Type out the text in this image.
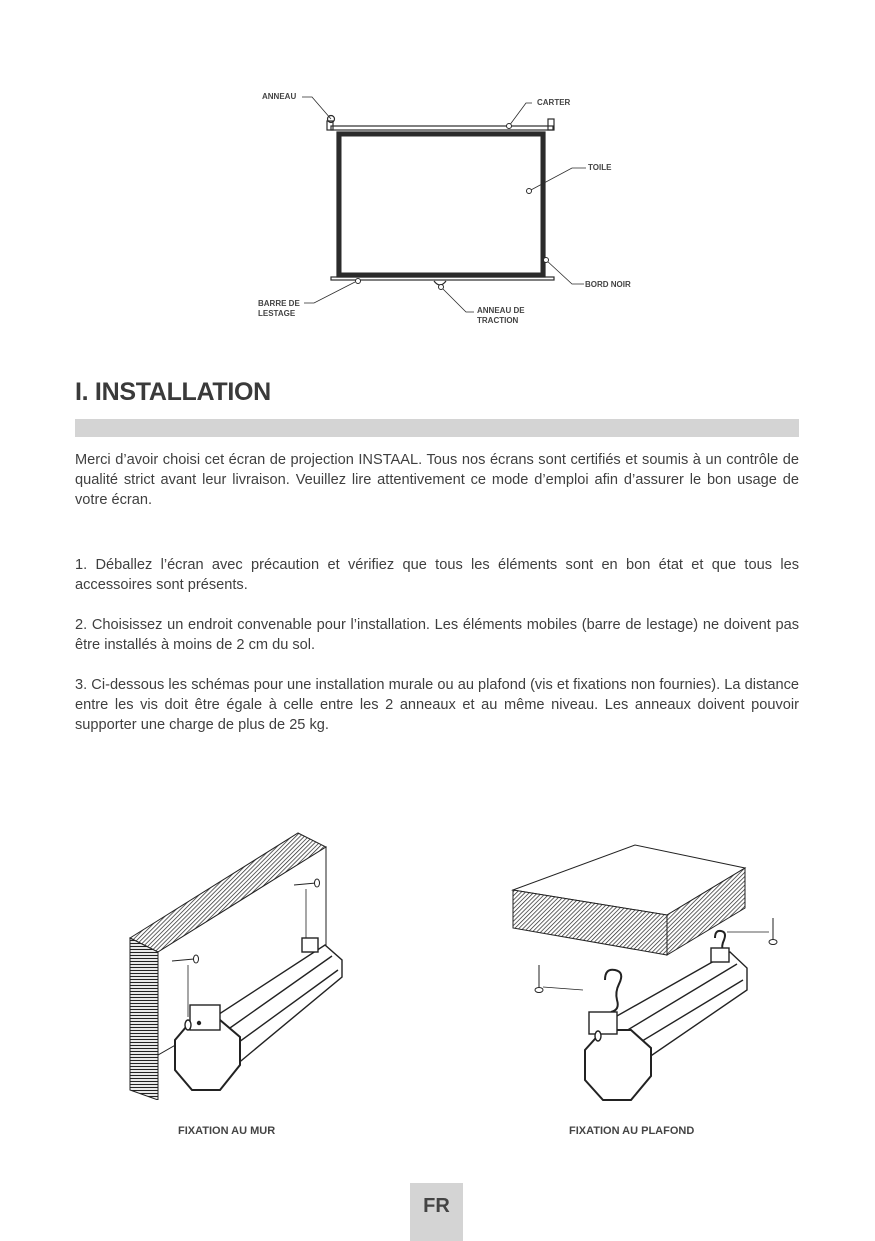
ANNEAU
CARTER
TOILE
BORD NOIR
BARRE DE
LESTAGE	ANNEAU DE
TRACTION
I. INSTALLATION

Merci d’avoir choisi cet écran de projection INSTAAL. Tous nos écrans sont certifiés et soumis à un contrôle de qualité strict avant leur livraison. Veuillez lire attentivement ce mode d’emploi afin d’assurer le bon usage de votre écran.

1. Déballez l’écran avec précaution et vérifiez que tous les éléments sont en bon état et que tous les accessoires sont présents.

2. Choisissez un endroit convenable pour l’installation. Les éléments mobiles (barre de lestage) ne doivent pas être installés à moins de 2 cm du sol.

3. Ci-dessous les schémas pour une installation murale ou au plafond (vis et fixations non fournies). La distance entre les vis doit être égale à celle entre les 2 anneaux et au même niveau. Les anneaux doivent pouvoir supporter une charge de plus de 25 kg.

FIXATION AU MUR	FIXATION AU PLAFOND
FR
